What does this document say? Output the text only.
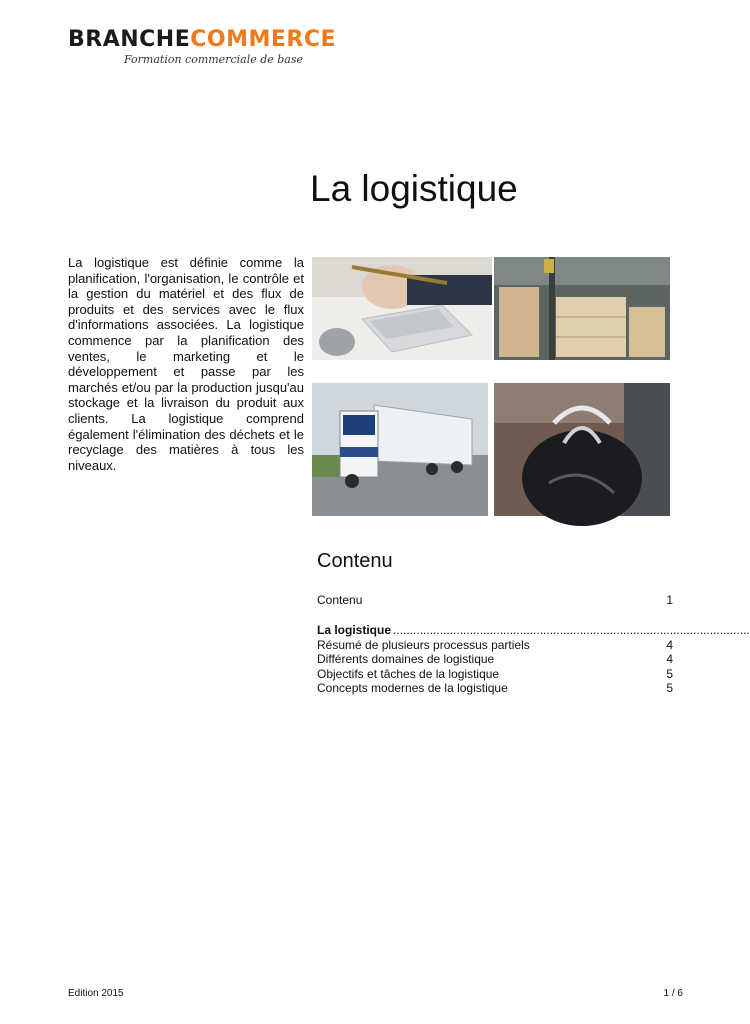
BRANCHECOMMERCE
Formation commerciale de base
La logistique

La logistique est définie comme la planification, l'organisation, le contrôle et la gestion du matériel et des flux de produits et des services avec le flux d'informations associées. La logistique commence par la planification des ventes, le marketing et le développement et passe par les marchés et/ou par la production jusqu'au stockage et la livraison du produit aux clients. La logistique comprend également l'élimination des déchets et le recyclage des matières à tous les niveaux.

Contenu
Contenu	1
La logistique ...........................................................................................................
Résumé de plusieurs processus partiels	4
Différents domaines de logistique	4
Objectifs et tâches de la logistique	5
Concepts modernes de la logistique	5
Edition 2015	1 / 6
